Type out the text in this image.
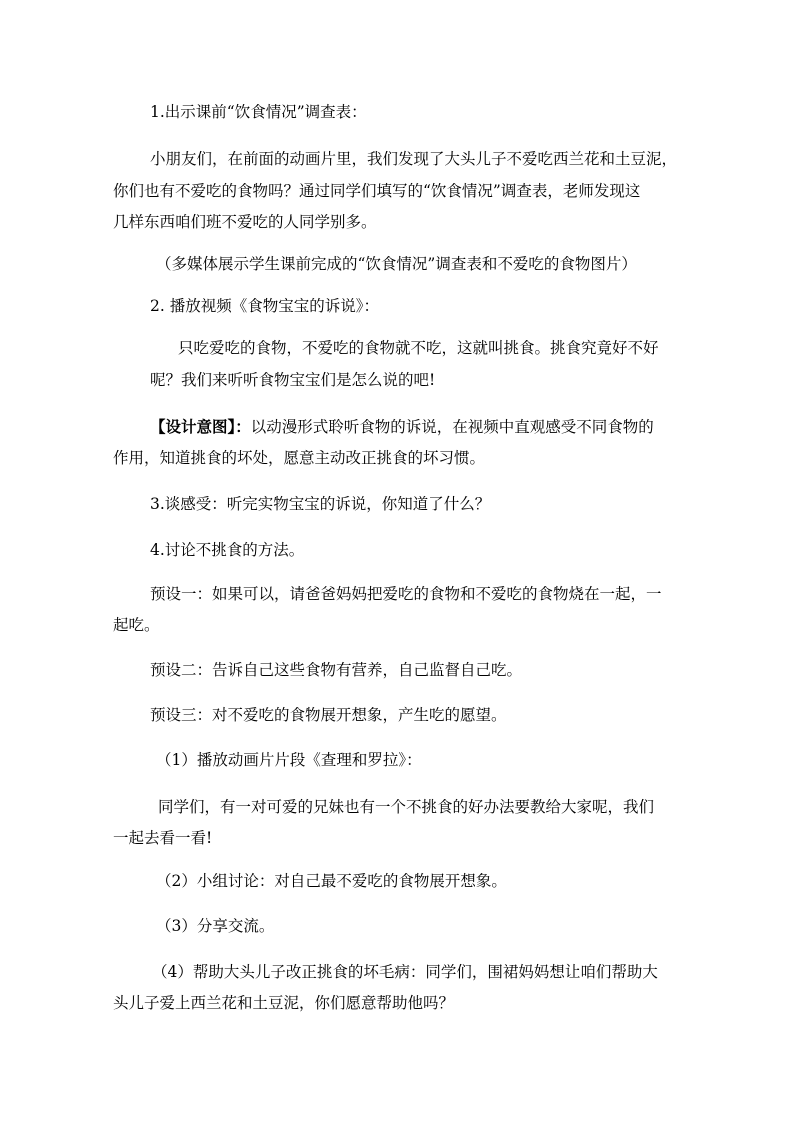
1.出示课前“饮食情况”调查表：
小朋友们，在前面的动画片里，我们发现了大头儿子不爱吃西兰花和土豆泥，
你们也有不爱吃的食物吗？通过同学们填写的“饮食情况”调查表，老师发现这
几样东西咱们班不爱吃的人同学别多。
（多媒体展示学生课前完成的“饮食情况”调查表和不爱吃的食物图片）
2. 播放视频《食物宝宝的诉说》：
只吃爱吃的食物，不爱吃的食物就不吃，这就叫挑食。挑食究竟好不好
呢？我们来听听食物宝宝们是怎么说的吧!
【设计意图】：以动漫形式聆听食物的诉说，在视频中直观感受不同食物的
作用，知道挑食的坏处，愿意主动改正挑食的坏习惯。
3.谈感受：听完实物宝宝的诉说，你知道了什么？
4.讨论不挑食的方法。
预设一：如果可以，请爸爸妈妈把爱吃的食物和不爱吃的食物烧在一起，一
起吃。
预设二：告诉自己这些食物有营养，自己监督自己吃。
预设三：对不爱吃的食物展开想象，产生吃的愿望。
（1）播放动画片片段《查理和罗拉》：
同学们，有一对可爱的兄妹也有一个不挑食的好办法要教给大家呢，我们
一起去看一看!
（2）小组讨论：对自己最不爱吃的食物展开想象。
（3）分享交流。
（4）帮助大头儿子改正挑食的坏毛病：同学们，围裙妈妈想让咱们帮助大
头儿子爱上西兰花和土豆泥，你们愿意帮助他吗？
